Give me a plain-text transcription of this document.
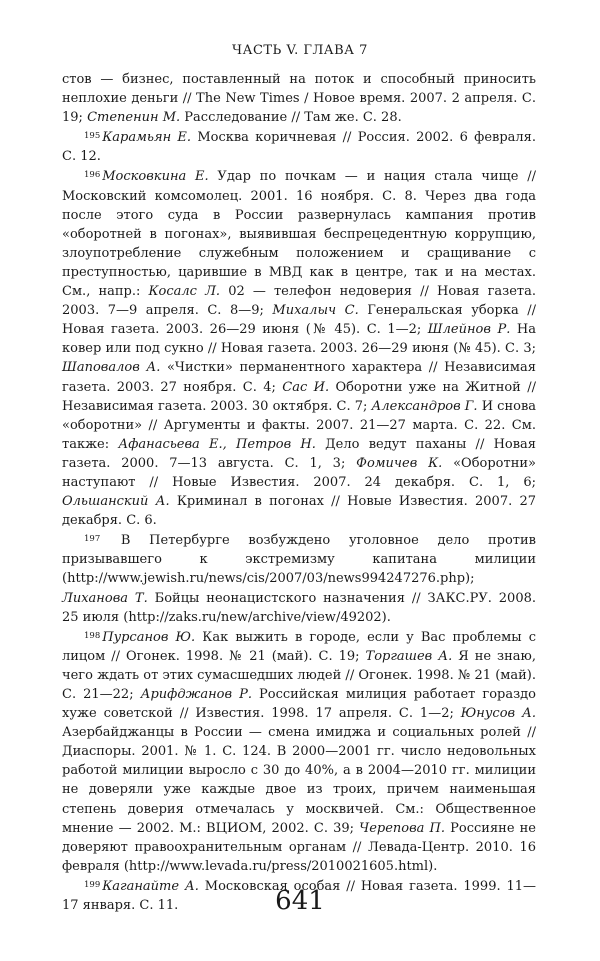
ЧАСТЬ V. ГЛАВА 7

стов — бизнес, поставленный на поток и способный приносить неплохие деньги // The New Times / Новое время. 2007. 2 апреля. С. 19; Степенин М. Расследование // Там же. С. 28.

$^{195}$ Карамьян Е. Москва коричневая // Россия. 2002. 6 февраля. С. 12.

$^{196}$ Московкина Е. Удар по почкам — и нация стала чище // Московский комсомолец. 2001. 16 ноября. С. 8. Через два года после этого суда в России развернулась кампания против «оборотней в погонах», выявившая беспрецедентную коррупцию, злоупотребление служебным положением и сращивание с преступностью, царившие в МВД как в центре, так и на местах. См., напр.: Косалс Л. 02 — телефон недоверия // Новая газета. 2003. 7—9 апреля. С. 8—9; Михалыч С. Генеральская уборка // Новая газета. 2003. 26—29 июня (№ 45). С. 1—2; Шлейнов Р. На ковер или под сукно // Новая газета. 2003. 26—29 июня (№ 45). С. 3; Шаповалов А. «Чистки» перманентного характера // Независимая газета. 2003. 27 ноября. С. 4; Сас И. Оборотни уже на Житной // Независимая газета. 2003. 30 октября. С. 7; Александров Г. И снова «оборотни» // Аргументы и факты. 2007. 21—27 марта. С. 22. См. также: Афанасьева Е., Петров Н. Дело ведут паханы // Новая газета. 2000. 7—13 августа. С. 1, 3; Фомичев К. «Оборотни» наступают // Новые Известия. 2007. 24 декабря. С. 1, 6; Ольшанский А. Криминал в погонах // Новые Известия. 2007. 27 декабря. С. 6.

$^{197}$ В Петербурге возбуждено уголовное дело против призывавшего к экстремизму капитана милиции (http://www.jewish.ru/news/cis/2007/03/news994247276.php); Лиханова Т. Бойцы неонацистского назначения // ЗАКС.РУ. 2008. 25 июля (http://zaks.ru/new/archive/view/49202).

$^{198}$ Пурсанов Ю. Как выжить в городе, если у Вас проблемы с лицом // Огонек. 1998. № 21 (май). С. 19; Торгашев А. Я не знаю, чего ждать от этих сумасшедших людей // Огонек. 1998. № 21 (май). С. 21—22; Арифджанов Р. Российская милиция работает гораздо хуже советской // Известия. 1998. 17 апреля. С. 1—2; Юнусов А. Азербайджанцы в России — смена имиджа и социальных ролей // Диаспоры. 2001. № 1. С. 124. В 2000—2001 гг. число недовольных работой милиции выросло с 30 до 40%, а в 2004—2010 гг. милиции не доверяли уже каждые двое из троих, причем наименьшая степень доверия отмечалась у москвичей. См.: Общественное мнение — 2002. М.: ВЦИОМ, 2002. С. 39; Черепова П. Россияне не доверяют правоохранительным органам // Левада-Центр. 2010. 16 февраля (http://www.levada.ru/press/2010021605.html).

$^{199}$ Каганайте А. Московская особая // Новая газета. 1999. 11—17 января. С. 11.	641
